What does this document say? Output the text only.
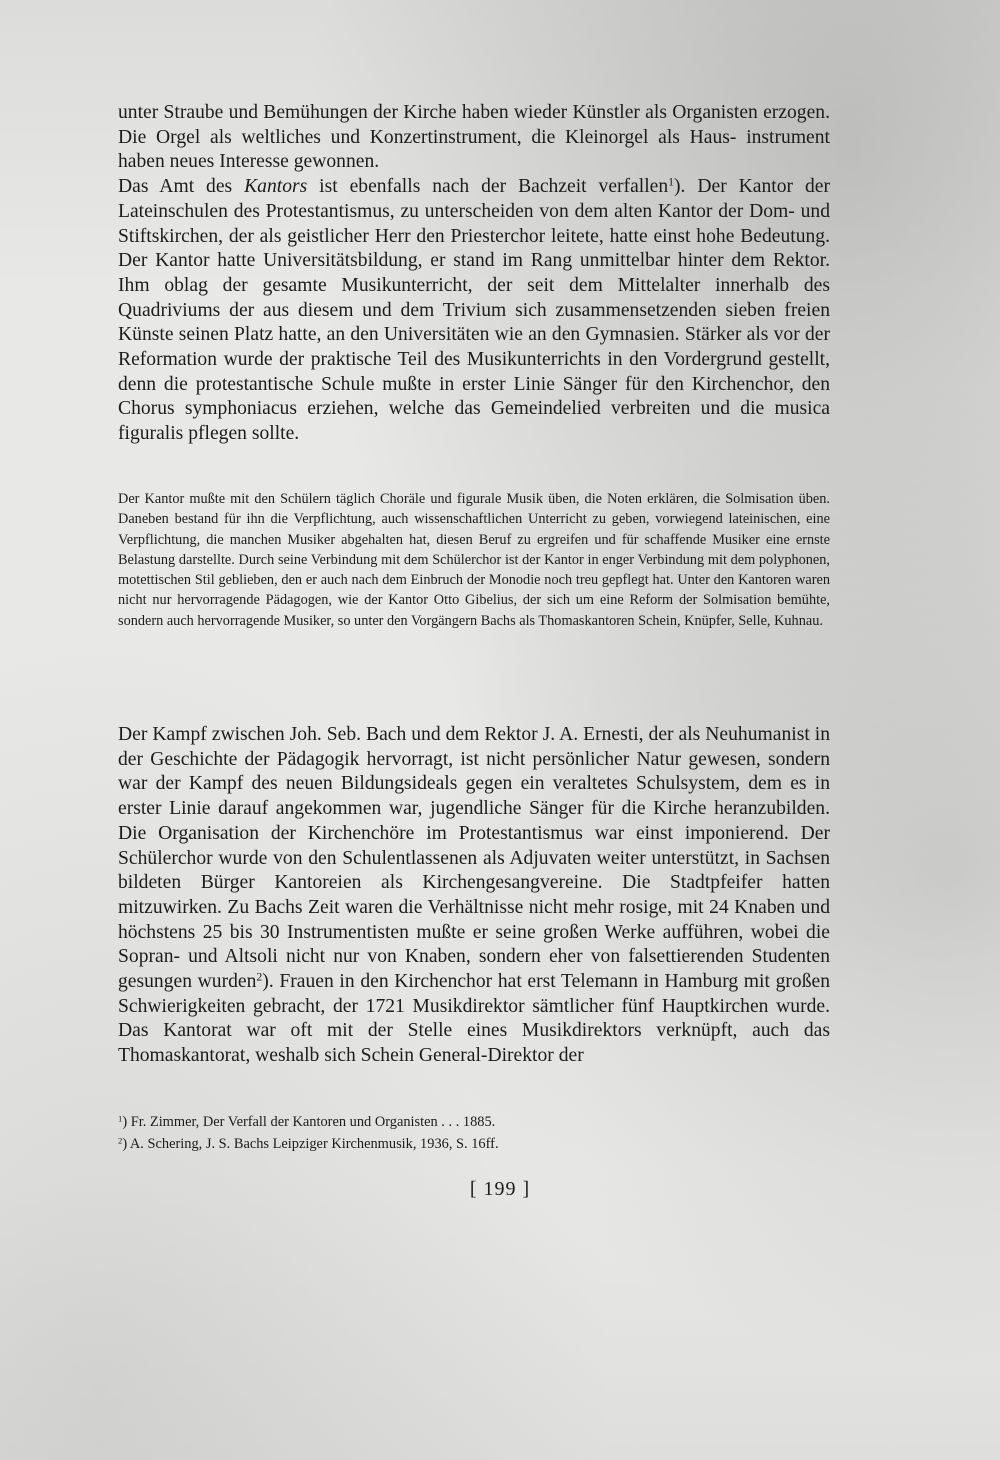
unter Straube und Bemühungen der Kirche haben wieder Künstler als Organisten erzogen. Die Orgel als weltliches und Konzertinstrument, die Kleinorgel als Haus- instrument haben neues Interesse gewonnen.

Das Amt des Kantors ist ebenfalls nach der Bachzeit verfallen$^1$). Der Kantor der Lateinschulen des Protestantismus, zu unterscheiden von dem alten Kantor der Dom- und Stiftskirchen, der als geistlicher Herr den Priesterchor leitete, hatte einst hohe Bedeutung. Der Kantor hatte Universitätsbildung, er stand im Rang unmittelbar hinter dem Rektor. Ihm oblag der gesamte Musikunterricht, der seit dem Mittelalter innerhalb des Quadriviums der aus diesem und dem Trivium sich zusammensetzenden sieben freien Künste seinen Platz hatte, an den Universitäten wie an den Gymnasien. Stärker als vor der Reformation wurde der praktische Teil des Musikunterrichts in den Vordergrund gestellt, denn die protestantische Schule mußte in erster Linie Sänger für den Kirchenchor, den Chorus symphoniacus erziehen, welche das Gemeindelied verbreiten und die musica figuralis pflegen sollte.

Der Kantor mußte mit den Schülern täglich Choräle und figurale Musik üben, die Noten erklären, die Solmisation üben. Daneben bestand für ihn die Verpflichtung, auch wissenschaftlichen Unterricht zu geben, vorwiegend lateinischen, eine Verpflichtung, die manchen Musiker abgehalten hat, diesen Beruf zu ergreifen und für schaffende Musiker eine ernste Belastung darstellte. Durch seine Verbindung mit dem Schülerchor ist der Kantor in enger Verbindung mit dem polyphonen, motettischen Stil geblieben, den er auch nach dem Einbruch der Monodie noch treu gepflegt hat. Unter den Kantoren waren nicht nur hervorragende Pädagogen, wie der Kantor Otto Gibelius, der sich um eine Reform der Solmisation bemühte, sondern auch hervorragende Musiker, so unter den Vorgängern Bachs als Thomaskantoren Schein, Knüpfer, Selle, Kuhnau.

Der Kampf zwischen Joh. Seb. Bach und dem Rektor J. A. Ernesti, der als Neuhumanist in der Geschichte der Pädagogik hervorragt, ist nicht persönlicher Natur gewesen, sondern war der Kampf des neuen Bildungsideals gegen ein veraltetes Schulsystem, dem es in erster Linie darauf angekommen war, jugendliche Sänger für die Kirche heranzubilden. Die Organisation der Kirchenchöre im Protestantismus war einst imponierend. Der Schülerchor wurde von den Schulentlassenen als Adjuvaten weiter unterstützt, in Sachsen bildeten Bürger Kantoreien als Kirchengesangvereine. Die Stadtpfeifer hatten mitzuwirken. Zu Bachs Zeit waren die Verhältnisse nicht mehr rosige, mit 24 Knaben und höchstens 25 bis 30 Instrumentisten mußte er seine großen Werke aufführen, wobei die Sopran- und Altsoli nicht nur von Knaben, sondern eher von falsettierenden Studenten gesungen wurden$^2$). Frauen in den Kirchenchor hat erst Telemann in Hamburg mit großen Schwierigkeiten gebracht, der 1721 Musikdirektor sämtlicher fünf Hauptkirchen wurde. Das Kantorat war oft mit der Stelle eines Musikdirektors verknüpft, auch das Thomaskantorat, weshalb sich Schein General-Direktor der

$^1$) Fr. Zimmer, Der Verfall der Kantoren und Organisten . . . 1885.

$^2$) A. Schering, J. S. Bachs Leipziger Kirchenmusik, 1936, S. 16ff.

[ 199 ]
